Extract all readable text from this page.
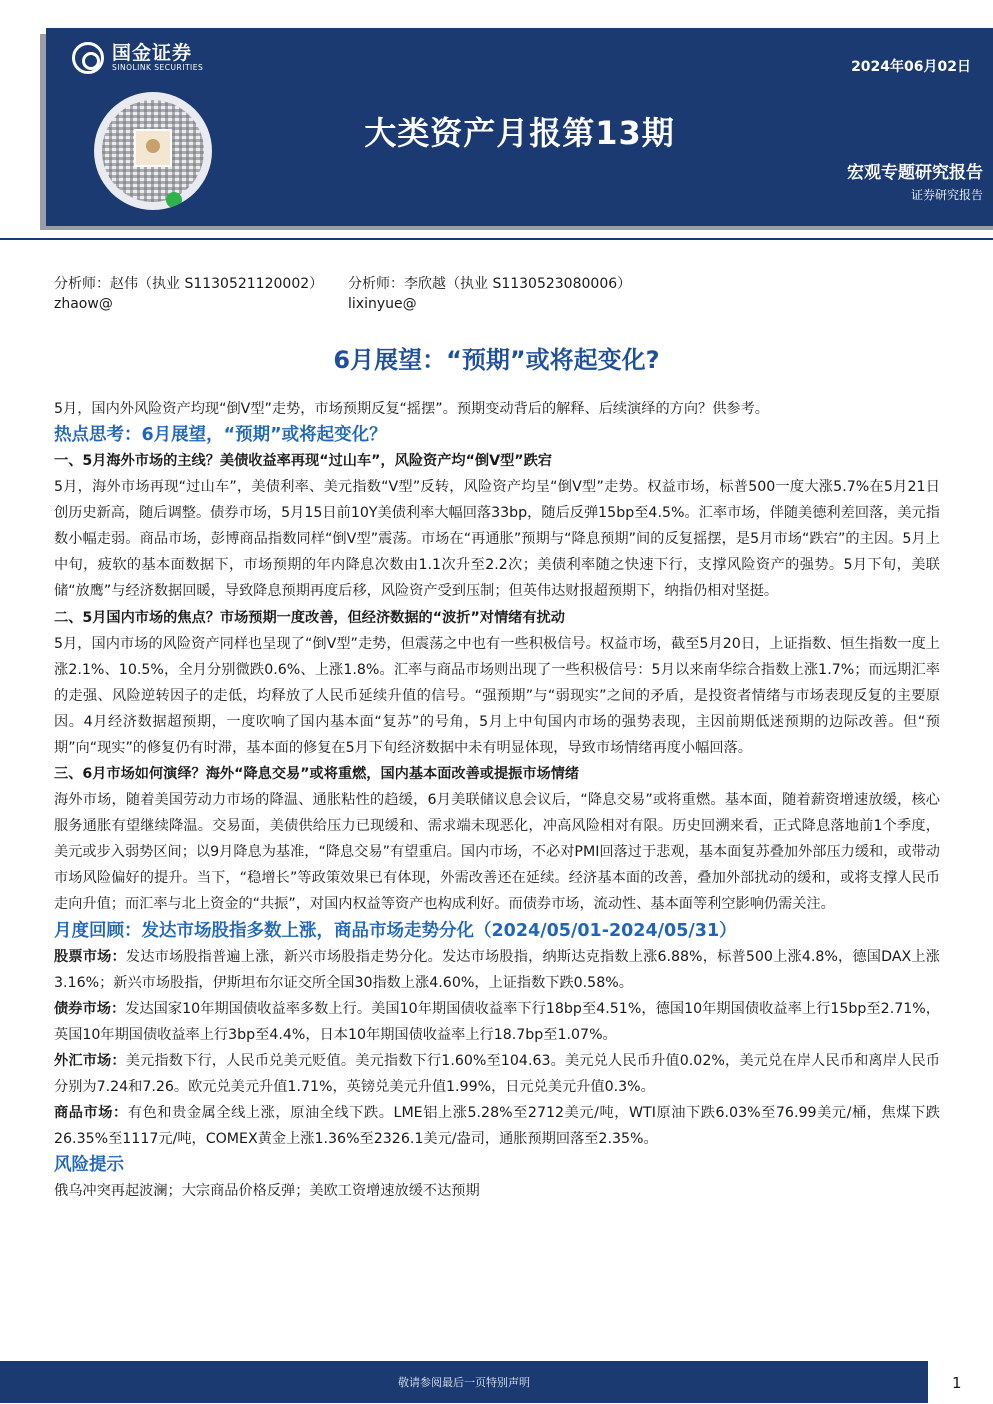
国金证券
SINOLINK SECURITIES	2024年06月02日
大类资产月报第13期
宏观专题研究报告
证券研究报告
分析师：赵伟（执业 S1130521120002）
zhaow@
分析师：李欣越（执业 S1130523080006）
lixinyue@
6月展望：“预期”或将起变化?

5月，国内外风险资产均现“倒V型”走势，市场预期反复“摇摆”。预期变动背后的解释、后续演绎的方向？供参考。

热点思考：6月展望，“预期”或将起变化？
一、5月海外市场的主线？美债收益率再现“过山车”，风险资产均“倒V型”跌宕

5月，海外市场再现“过山车”，美债利率、美元指数“V型”反转，风险资产均呈“倒V型”走势。权益市场，标普500一度大涨5.7%在5月21日创历史新高，随后调整。债券市场，5月15日前10Y美债利率大幅回落33bp，随后反弹15bp至4.5%。汇率市场，伴随美德利差回落，美元指数小幅走弱。商品市场，彭博商品指数同样“倒V型”震荡。市场在“再通胀”预期与“降息预期”间的反复摇摆，是5月市场“跌宕”的主因。5月上中旬，疲软的基本面数据下，市场预期的年内降息次数由1.1次升至2.2次；美债利率随之快速下行，支撑风险资产的强势。5月下旬，美联储“放鹰”与经济数据回暖，导致降息预期再度后移，风险资产受到压制；但英伟达财报超预期下，纳指仍相对坚挺。

二、5月国内市场的焦点？市场预期一度改善，但经济数据的“波折”对情绪有扰动

5月，国内市场的风险资产同样也呈现了“倒V型”走势，但震荡之中也有一些积极信号。权益市场，截至5月20日，上证指数、恒生指数一度上涨2.1%、10.5%，全月分别微跌0.6%、上涨1.8%。汇率与商品市场则出现了一些积极信号：5月以来南华综合指数上涨1.7%；而远期汇率的走强、风险逆转因子的走低，均释放了人民币延续升值的信号。“强预期”与“弱现实”之间的矛盾，是投资者情绪与市场表现反复的主要原因。4月经济数据超预期，一度吹响了国内基本面“复苏”的号角，5月上中旬国内市场的强势表现，主因前期低迷预期的边际改善。但“预期”向“现实”的修复仍有时滞，基本面的修复在5月下旬经济数据中未有明显体现，导致市场情绪再度小幅回落。

三、6月市场如何演绎？海外“降息交易”或将重燃，国内基本面改善或提振市场情绪

海外市场，随着美国劳动力市场的降温、通胀粘性的趋缓，6月美联储议息会议后，“降息交易”或将重燃。基本面，随着薪资增速放缓，核心服务通胀有望继续降温。交易面，美债供给压力已现缓和、需求端未现恶化，冲高风险相对有限。历史回溯来看，正式降息落地前1个季度，美元或步入弱势区间；以9月降息为基准，“降息交易”有望重启。国内市场，不必对PMI回落过于悲观，基本面复苏叠加外部压力缓和，或带动市场风险偏好的提升。当下，“稳增长”等政策效果已有体现，外需改善还在延续。经济基本面的改善，叠加外部扰动的缓和，或将支撑人民币走向升值；而汇率与北上资金的“共振”，对国内权益等资产也构成利好。而债券市场，流动性、基本面等利空影响仍需关注。

月度回顾：发达市场股指多数上涨，商品市场走势分化（2024/05/01-2024/05/31）

股票市场：发达市场股指普遍上涨，新兴市场股指走势分化。发达市场股指，纳斯达克指数上涨6.88%，标普500上涨4.8%，德国DAX上涨3.16%；新兴市场股指，伊斯坦布尔证交所全国30指数上涨4.60%，上证指数下跌0.58%。

债券市场：发达国家10年期国债收益率多数上行。美国10年期国债收益率下行18bp至4.51%，德国10年期国债收益率上行15bp至2.71%，英国10年期国债收益率上行3bp至4.4%，日本10年期国债收益率上行18.7bp至1.07%。

外汇市场：美元指数下行，人民币兑美元贬值。美元指数下行1.60%至104.63。美元兑人民币升值0.02%，美元兑在岸人民币和离岸人民币分别为7.24和7.26。欧元兑美元升值1.71%，英镑兑美元升值1.99%，日元兑美元升值0.3%。

商品市场：有色和贵金属全线上涨，原油全线下跌。LME铝上涨5.28%至2712美元/吨，WTI原油下跌6.03%至76.99美元/桶，焦煤下跌26.35%至1117元/吨，COMEX黄金上涨1.36%至2326.1美元/盎司，通胀预期回落至2.35%。

风险提示

俄乌冲突再起波澜；大宗商品价格反弹；美欧工资增速放缓不达预期

敬请参阅最后一页特别声明	1
